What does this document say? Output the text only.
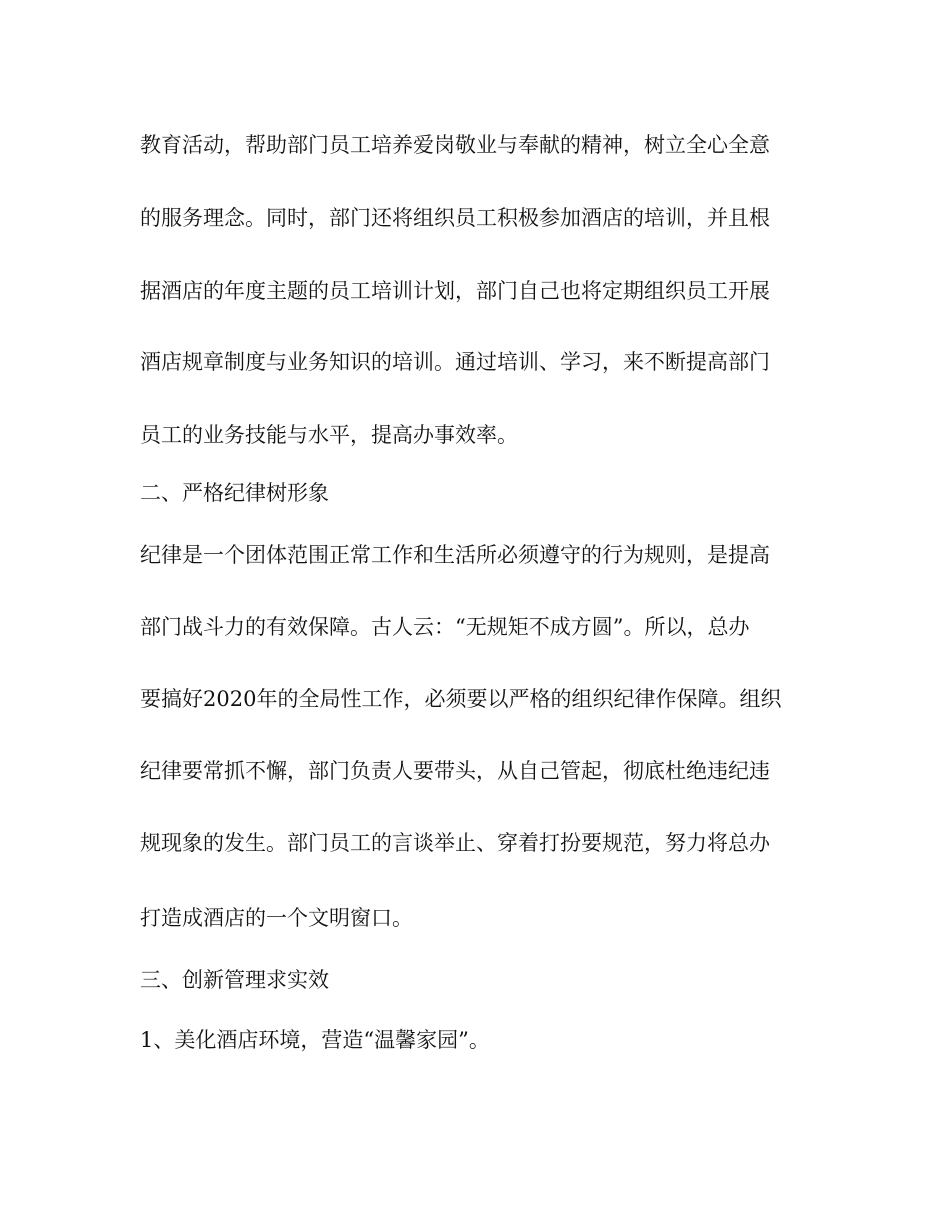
教育活动，帮助部门员工培养爱岗敬业与奉献的精神，树立全心全意
的服务理念。同时，部门还将组织员工积极参加酒店的培训，并且根
据酒店的年度主题的员工培训计划，部门自己也将定期组织员工开展
酒店规章制度与业务知识的培训。通过培训、学习，来不断提高部门
员工的业务技能与水平，提高办事效率。
二、严格纪律树形象
纪律是一个团体范围正常工作和生活所必须遵守的行为规则，是提高
部门战斗力的有效保障。古人云：“无规矩不成方圆”。所以，总办
要搞好2020年的全局性工作，必须要以严格的组织纪律作保障。组织
纪律要常抓不懈，部门负责人要带头，从自己管起，彻底杜绝违纪违
规现象的发生。部门员工的言谈举止、穿着打扮要规范，努力将总办
打造成酒店的一个文明窗口。
三、创新管理求实效
1、美化酒店环境，营造“温馨家园”。
